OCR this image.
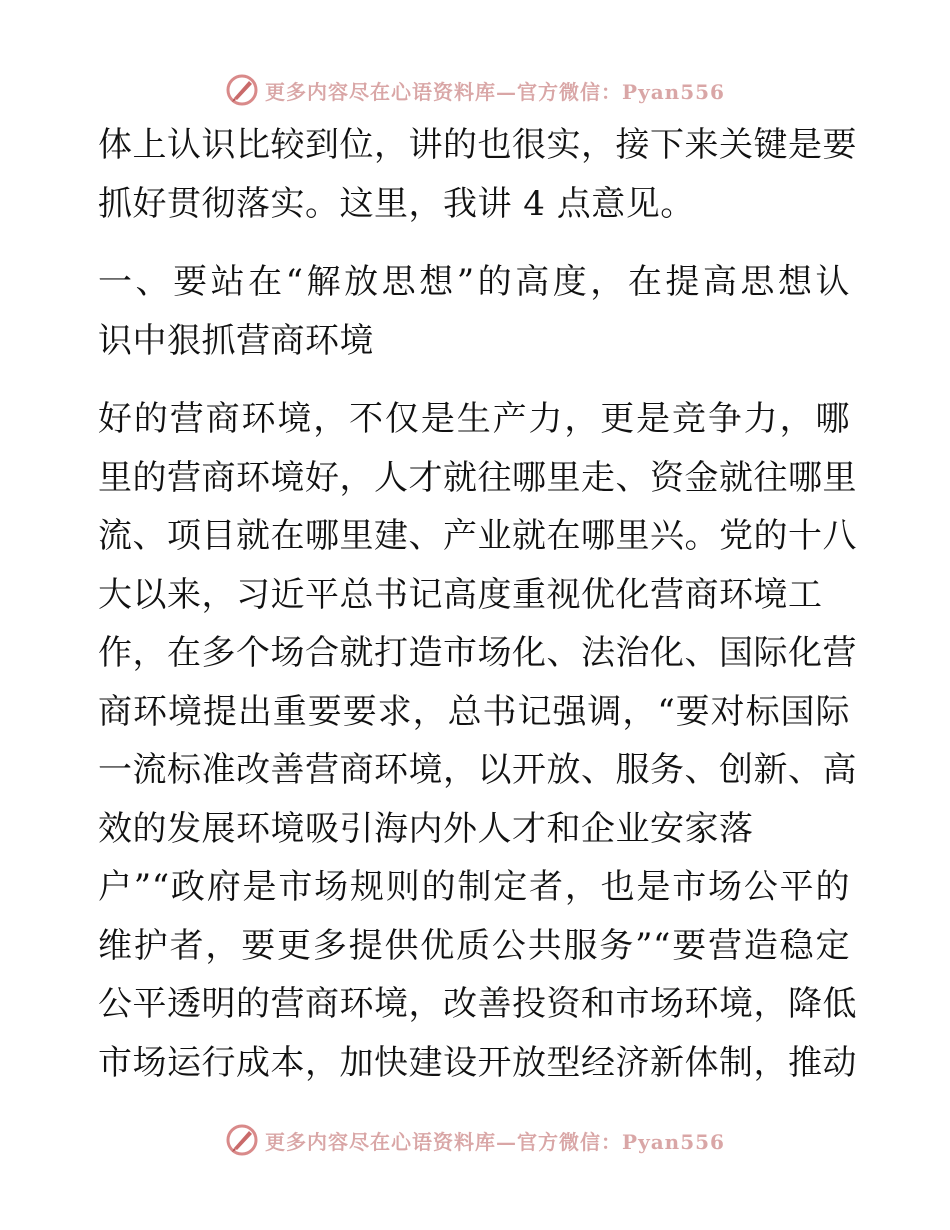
更多内容尽在心语资料库—官方微信：Pyan556
体上认识比较到位，讲的也很实，接下来关键是要
抓好贯彻落实。这里，我讲 4 点意见。
一、要站在“解放思想”的高度，在提高思想认
识中狠抓营商环境
好的营商环境，不仅是生产力，更是竞争力，哪
里的营商环境好，人才就往哪里走、资金就往哪里
流、项目就在哪里建、产业就在哪里兴。党的十八
大以来，习近平总书记高度重视优化营商环境工
作，在多个场合就打造市场化、法治化、国际化营
商环境提出重要要求，总书记强调，“要对标国际
一流标准改善营商环境，以开放、服务、创新、高
效的发展环境吸引海内外人才和企业安家落
户”“政府是市场规则的制定者，也是市场公平的
维护者，要更多提供优质公共服务”“要营造稳定
公平透明的营商环境，改善投资和市场环境，降低
市场运行成本，加快建设开放型经济新体制，推动
更多内容尽在心语资料库—官方微信：Pyan556
